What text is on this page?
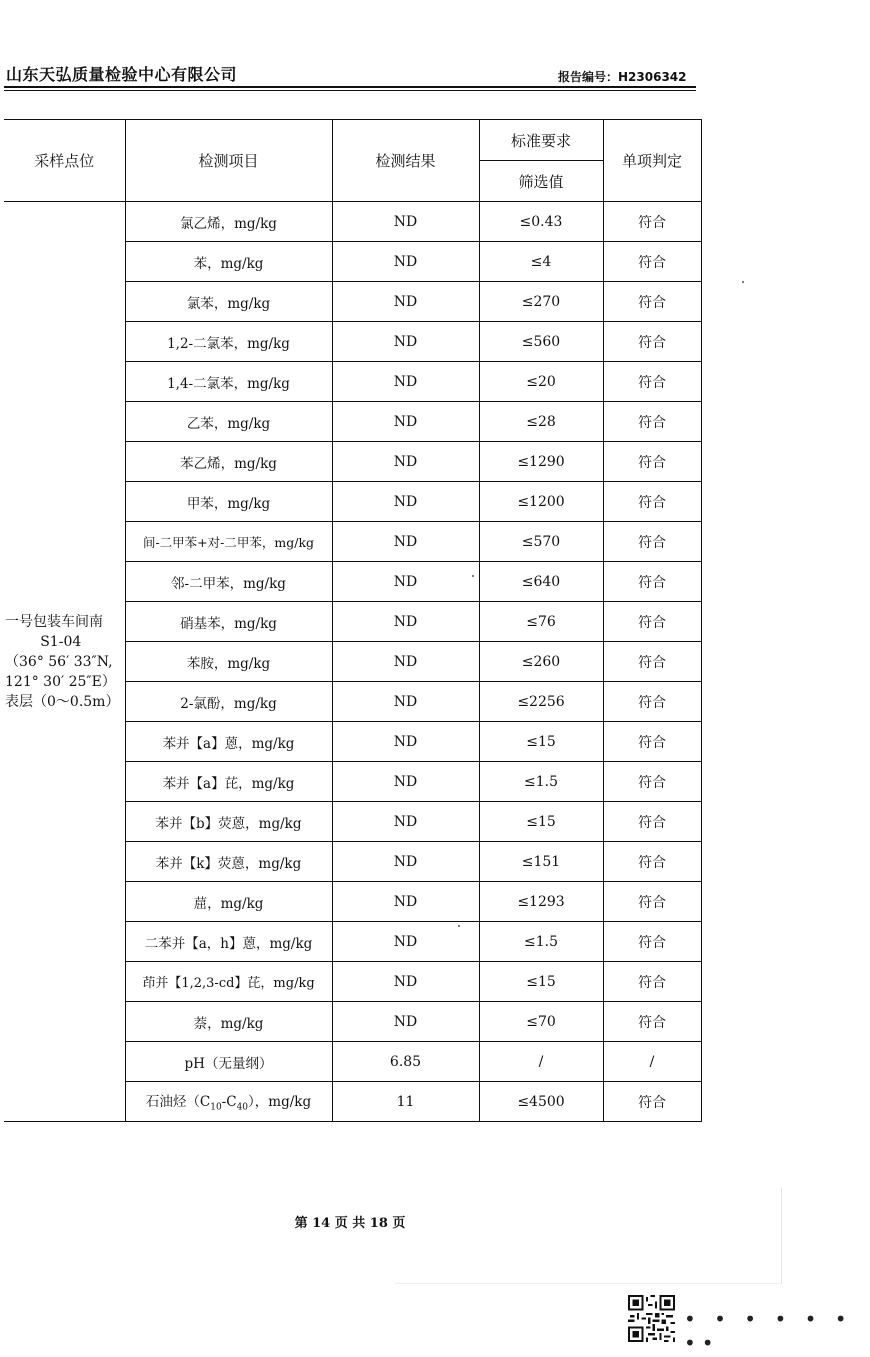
山东天弘质量检验中心有限公司	报告编号：H2306342
采样点位	检测项目	检测结果	标准要求	单项判定
			筛选值	

一号包装车间南
S1-04
（36° 56′ 33″N,
121° 30′ 25″E）
表层（0～0.5m）	氯乙烯，mg/kg	ND	≤0.43	符合
	苯，mg/kg	ND	≤4	符合
	氯苯，mg/kg	ND	≤270	符合
	1,2-二氯苯，mg/kg	ND	≤560	符合
	1,4-二氯苯，mg/kg	ND	≤20	符合
	乙苯，mg/kg	ND	≤28	符合
	苯乙烯，mg/kg	ND	≤1290	符合
	甲苯，mg/kg	ND	≤1200	符合
	间-二甲苯+对-二甲苯，mg/kg	ND	≤570	符合
	邻-二甲苯，mg/kg	ND	≤640	符合
	硝基苯，mg/kg	ND	≤76	符合
	苯胺，mg/kg	ND	≤260	符合
	2-氯酚，mg/kg	ND	≤2256	符合
	苯并【a】蒽，mg/kg	ND	≤15	符合
	苯并【a】芘，mg/kg	ND	≤1.5	符合
	苯并【b】荧蒽，mg/kg	ND	≤15	符合
	苯并【k】荧蒽，mg/kg	ND	≤151	符合
	䓛，mg/kg	ND	≤1293	符合
	二苯并【a，h】蒽，mg/kg	ND	≤1.5	符合
	茚并【1,2,3-cd】芘，mg/kg	ND	≤15	符合
	萘，mg/kg	ND	≤70	符合
	pH（无量纲）	6.85	/	/
	石油烃$(C_{10}-C_{40})$，mg/kg	11	≤4500	符合
第 14 页 共 18 页
• • • • • • ••
